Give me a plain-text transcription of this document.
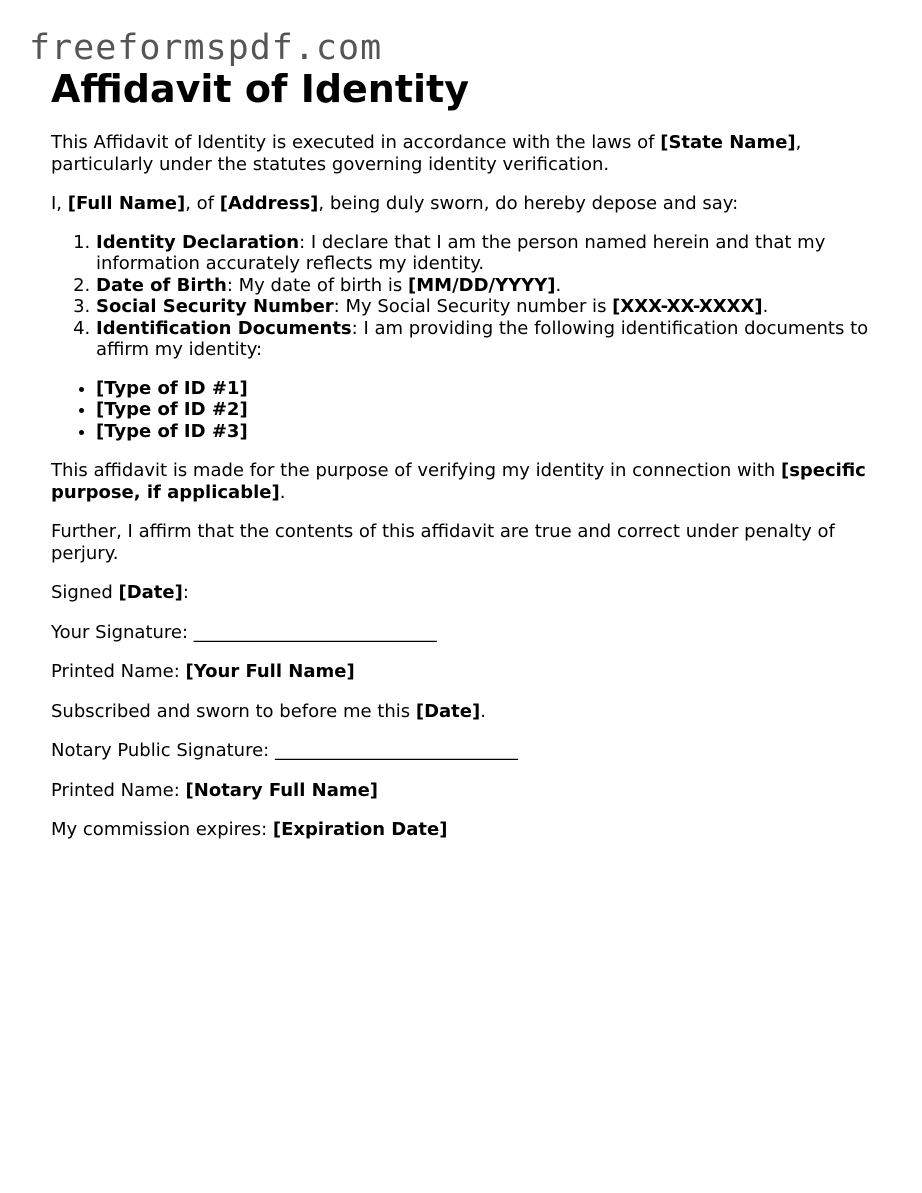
freeformspdf.com
Affidavit of Identity

This Affidavit of Identity is executed in accordance with the laws of [State Name], particularly under the statutes governing identity verification.

I, [Full Name], of [Address], being duly sworn, do hereby depose and say:

1. Identity Declaration: I declare that I am the person named herein and that my information accurately reflects my identity.
2. Date of Birth: My date of birth is [MM/DD/YYYY].
3. Social Security Number: My Social Security number is [XXX-XX-XXXX].
4. Identification Documents: I am providing the following identification documents to affirm my identity:
• [Type of ID #1]
• [Type of ID #2]
• [Type of ID #3]

This affidavit is made for the purpose of verifying my identity in connection with [specific purpose, if applicable].

Further, I affirm that the contents of this affidavit are true and correct under penalty of perjury.

Signed [Date]:

Your Signature: ___________________________

Printed Name: [Your Full Name]

Subscribed and sworn to before me this [Date].

Notary Public Signature: ___________________________

Printed Name: [Notary Full Name]

My commission expires: [Expiration Date]
